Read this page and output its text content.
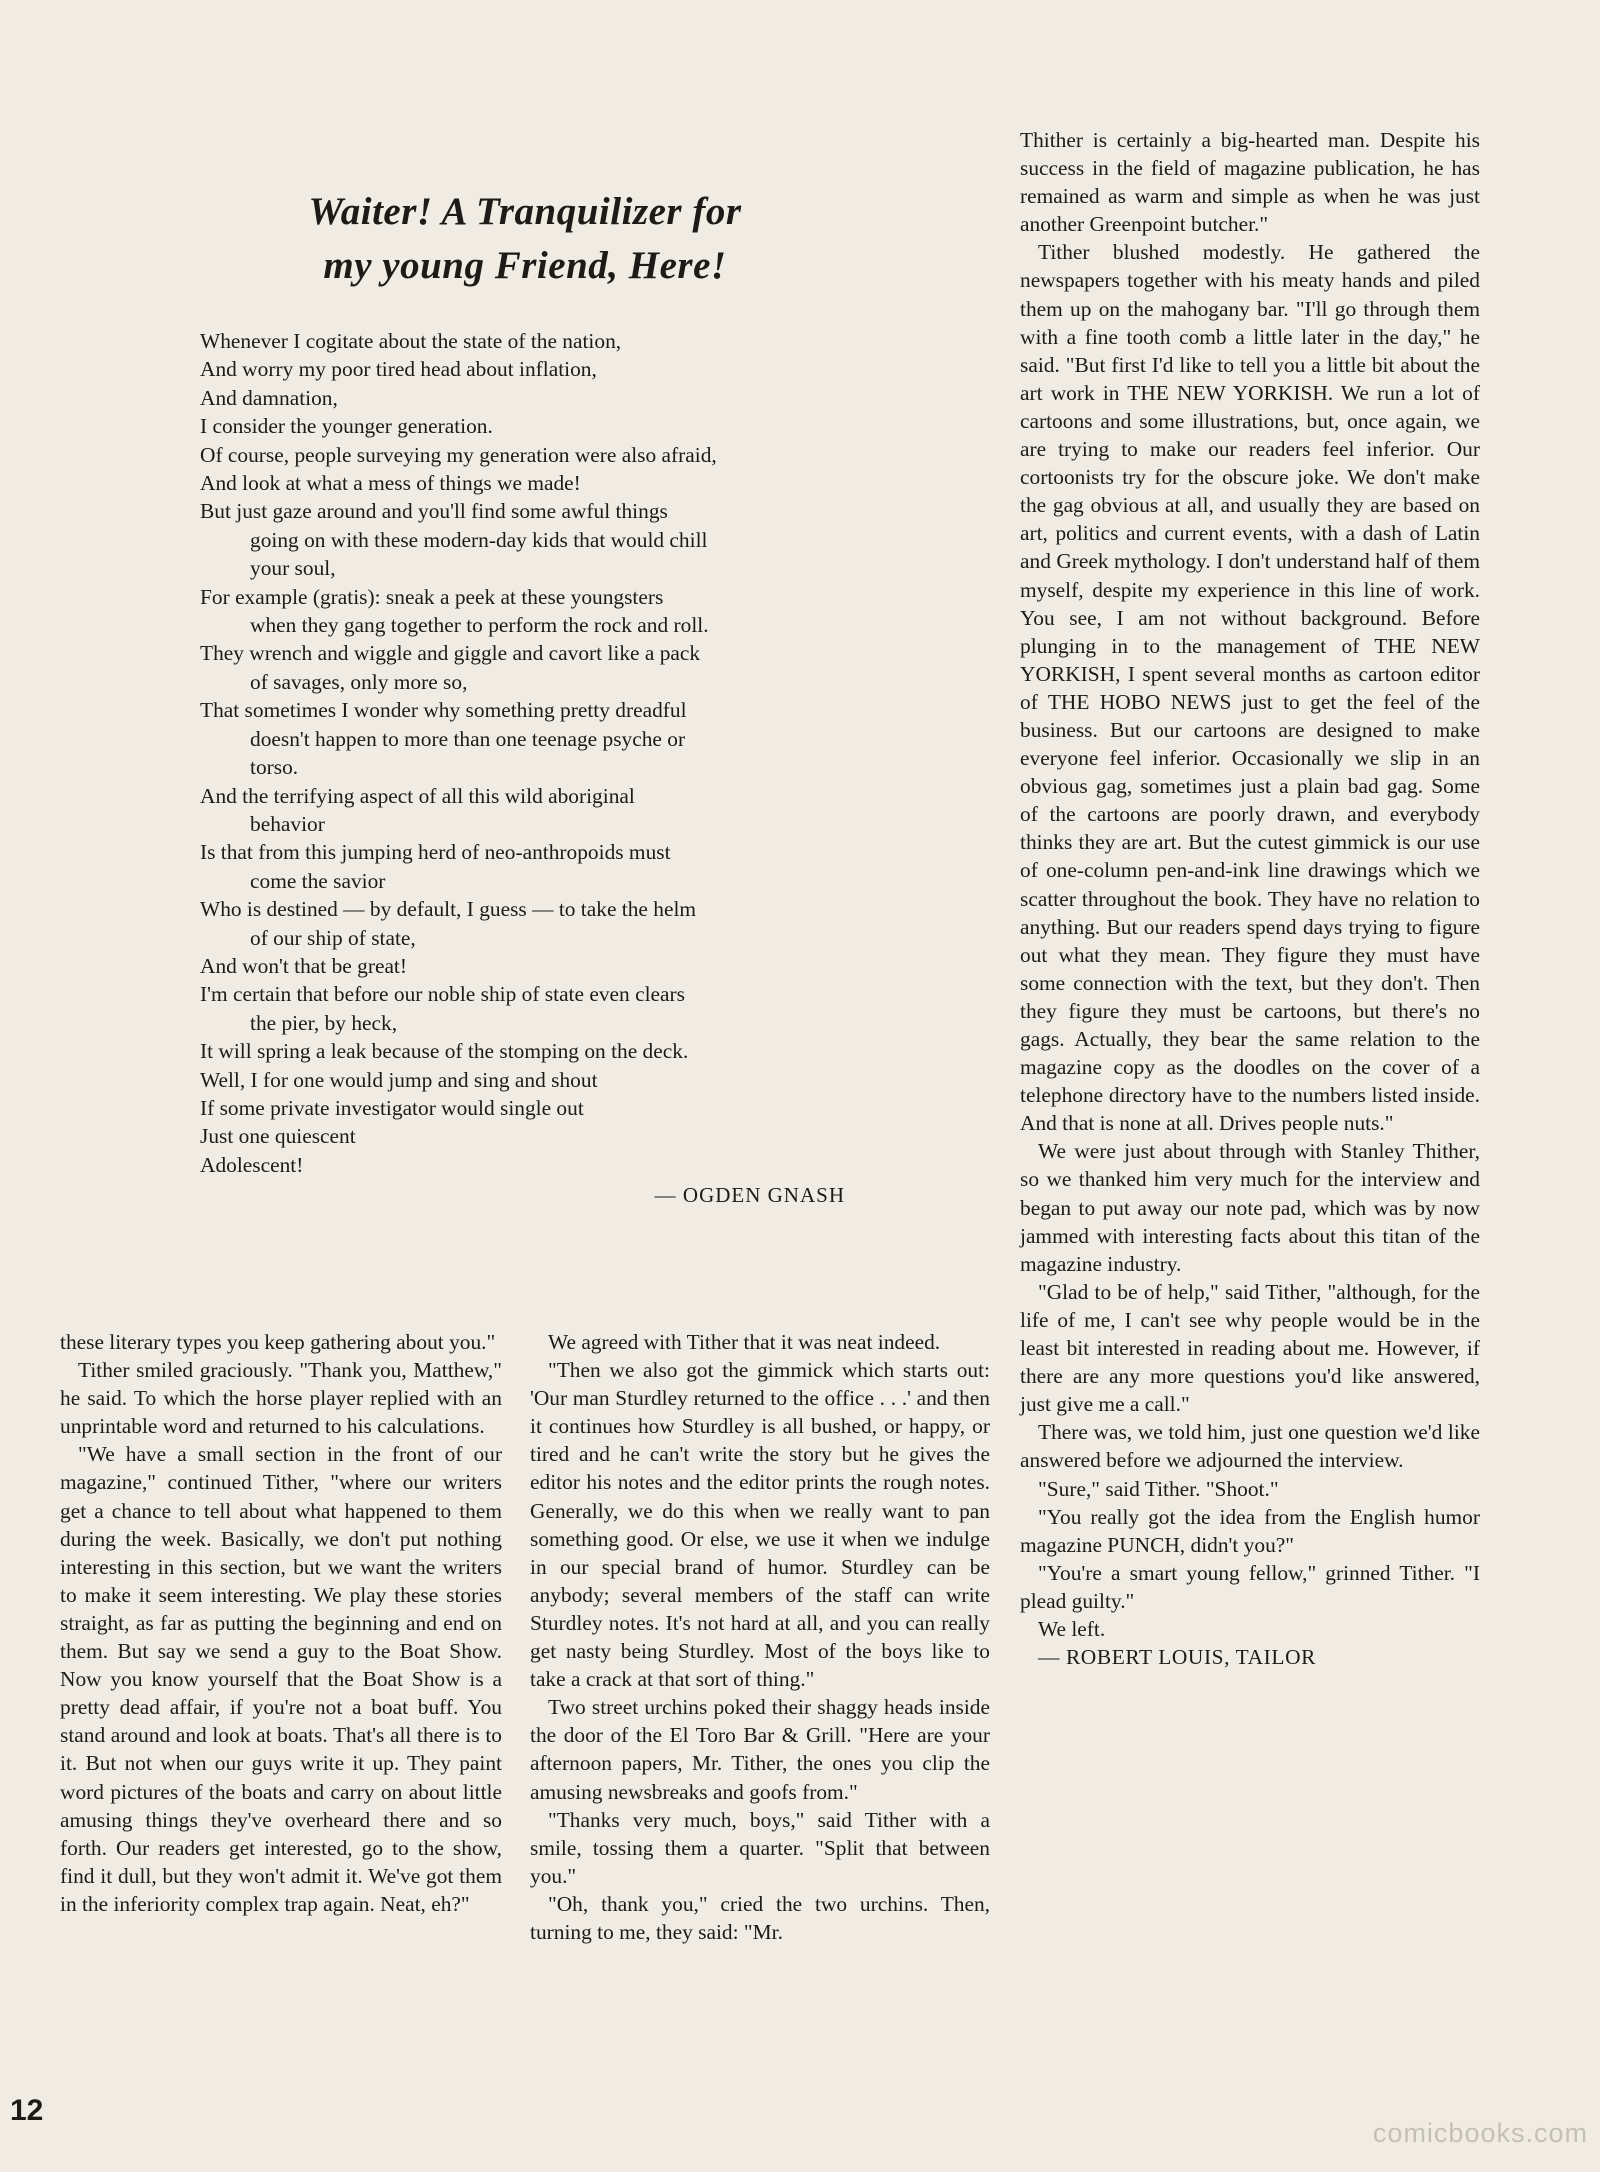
Waiter! A Tranquilizer for
my young Friend, Here!
Whenever I cogitate about the state of the nation,
And worry my poor tired head about inflation,
And damnation,
I consider the younger generation.
Of course, people surveying my generation were also afraid,
And look at what a mess of things we made!
But just gaze around and you'll find some awful things
going on with these modern-day kids that would chill
your soul,
For example (gratis): sneak a peek at these youngsters
when they gang together to perform the rock and roll.
They wrench and wiggle and giggle and cavort like a pack
of savages, only more so,
That sometimes I wonder why something pretty dreadful
doesn't happen to more than one teenage psyche or
torso.
And the terrifying aspect of all this wild aboriginal
behavior
Is that from this jumping herd of neo-anthropoids must
come the savior
Who is destined — by default, I guess — to take the helm
of our ship of state,
And won't that be great!
I'm certain that before our noble ship of state even clears
the pier, by heck,
It will spring a leak because of the stomping on the deck.
Well, I for one would jump and sing and shout
If some private investigator would single out
Just one quiescent
Adolescent!
— OGDEN GNASH

these literary types you keep gathering about you."

Tither smiled graciously. "Thank you, Matthew," he said. To which the horse player replied with an unprintable word and returned to his calculations.

"We have a small section in the front of our magazine," continued Tither, "where our writers get a chance to tell about what happened to them during the week. Basically, we don't put nothing interesting in this section, but we want the writers to make it seem interesting. We play these stories straight, as far as putting the beginning and end on them. But say we send a guy to the Boat Show. Now you know yourself that the Boat Show is a pretty dead affair, if you're not a boat buff. You stand around and look at boats. That's all there is to it. But not when our guys write it up. They paint word pictures of the boats and carry on about little amusing things they've overheard there and so forth. Our readers get interested, go to the show, find it dull, but they won't admit it. We've got them in the inferiority complex trap again. Neat, eh?"

We agreed with Tither that it was neat indeed.

"Then we also got the gimmick which starts out: 'Our man Sturdley returned to the office . . .' and then it continues how Sturdley is all bushed, or happy, or tired and he can't write the story but he gives the editor his notes and the editor prints the rough notes. Generally, we do this when we really want to pan something good. Or else, we use it when we indulge in our special brand of humor. Sturdley can be anybody; several members of the staff can write Sturdley notes. It's not hard at all, and you can really get nasty being Sturdley. Most of the boys like to take a crack at that sort of thing."

Two street urchins poked their shaggy heads inside the door of the El Toro Bar & Grill. "Here are your afternoon papers, Mr. Tither, the ones you clip the amusing newsbreaks and goofs from."

"Thanks very much, boys," said Tither with a smile, tossing them a quarter. "Split that between you."

"Oh, thank you," cried the two urchins. Then, turning to me, they said: "Mr.

Thither is certainly a big-hearted man. Despite his success in the field of magazine publication, he has remained as warm and simple as when he was just another Greenpoint butcher."

Tither blushed modestly. He gathered the newspapers together with his meaty hands and piled them up on the mahogany bar. "I'll go through them with a fine tooth comb a little later in the day," he said. "But first I'd like to tell you a little bit about the art work in THE NEW YORKISH. We run a lot of cartoons and some illustrations, but, once again, we are trying to make our readers feel inferior. Our cortoonists try for the obscure joke. We don't make the gag obvious at all, and usually they are based on art, politics and current events, with a dash of Latin and Greek mythology. I don't understand half of them myself, despite my experience in this line of work. You see, I am not without background. Before plunging in to the management of THE NEW YORKISH, I spent several months as cartoon editor of THE HOBO NEWS just to get the feel of the business. But our cartoons are designed to make everyone feel inferior. Occasionally we slip in an obvious gag, sometimes just a plain bad gag. Some of the cartoons are poorly drawn, and everybody thinks they are art. But the cutest gimmick is our use of one-column pen-and-ink line drawings which we scatter throughout the book. They have no relation to anything. But our readers spend days trying to figure out what they mean. They figure they must have some connection with the text, but they don't. Then they figure they must be cartoons, but there's no gags. Actually, they bear the same relation to the magazine copy as the doodles on the cover of a telephone directory have to the numbers listed inside. And that is none at all. Drives people nuts."

We were just about through with Stanley Thither, so we thanked him very much for the interview and began to put away our note pad, which was by now jammed with interesting facts about this titan of the magazine industry.

"Glad to be of help," said Tither, "although, for the life of me, I can't see why people would be in the least bit interested in reading about me. However, if there are any more questions you'd like answered, just give me a call."

There was, we told him, just one question we'd like answered before we adjourned the interview.

"Sure," said Tither. "Shoot."

"You really got the idea from the English humor magazine PUNCH, didn't you?"

"You're a smart young fellow," grinned Tither. "I plead guilty."

We left.

— ROBERT LOUIS, TAILOR

12
comicbooks.com
